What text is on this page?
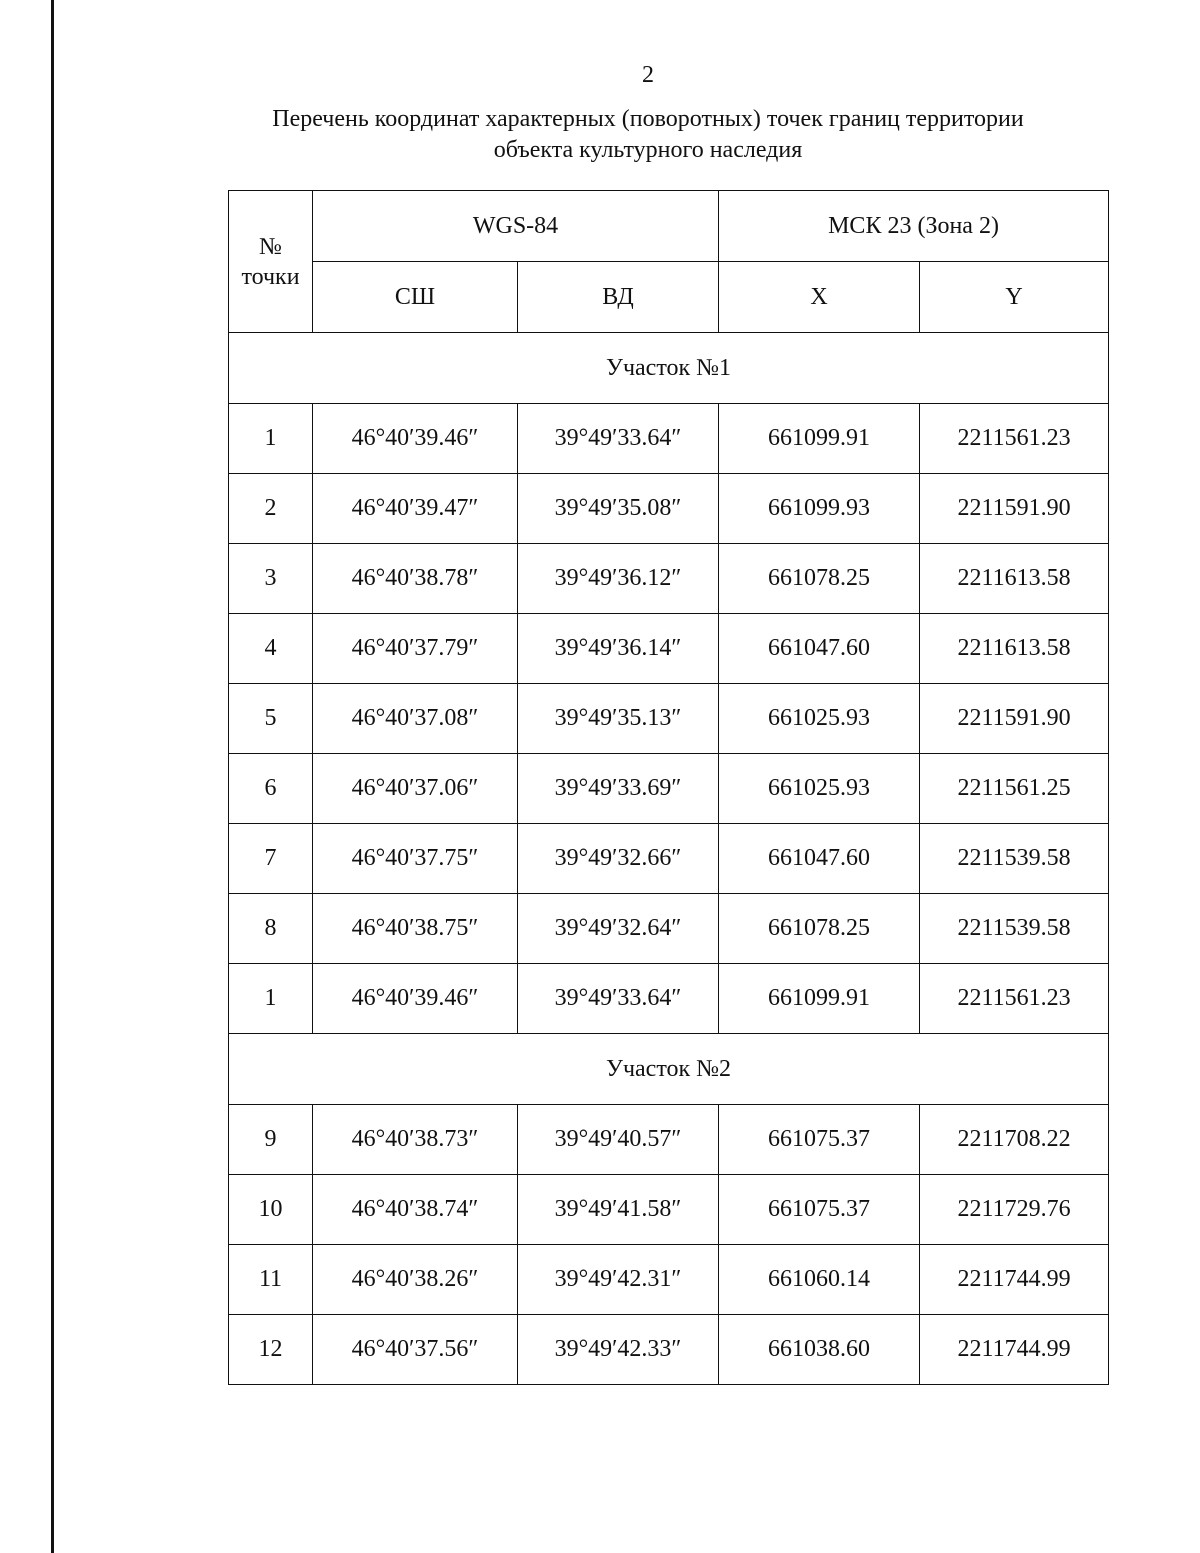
2
Перечень координат характерных (поворотных) точек границ территории
объекта культурного наследия
№
точки	WGS-84		МСК 23 (Зона 2)	
	СШ	ВД	X	Y
Участок №1				
1	46°40′39.46″	39°49′33.64″	661099.91	2211561.23
2	46°40′39.47″	39°49′35.08″	661099.93	2211591.90
3	46°40′38.78″	39°49′36.12″	661078.25	2211613.58
4	46°40′37.79″	39°49′36.14″	661047.60	2211613.58
5	46°40′37.08″	39°49′35.13″	661025.93	2211591.90
6	46°40′37.06″	39°49′33.69″	661025.93	2211561.25
7	46°40′37.75″	39°49′32.66″	661047.60	2211539.58
8	46°40′38.75″	39°49′32.64″	661078.25	2211539.58
1	46°40′39.46″	39°49′33.64″	661099.91	2211561.23
Участок №2				
9	46°40′38.73″	39°49′40.57″	661075.37	2211708.22
10	46°40′38.74″	39°49′41.58″	661075.37	2211729.76
11	46°40′38.26″	39°49′42.31″	661060.14	2211744.99
12	46°40′37.56″	39°49′42.33″	661038.60	2211744.99
